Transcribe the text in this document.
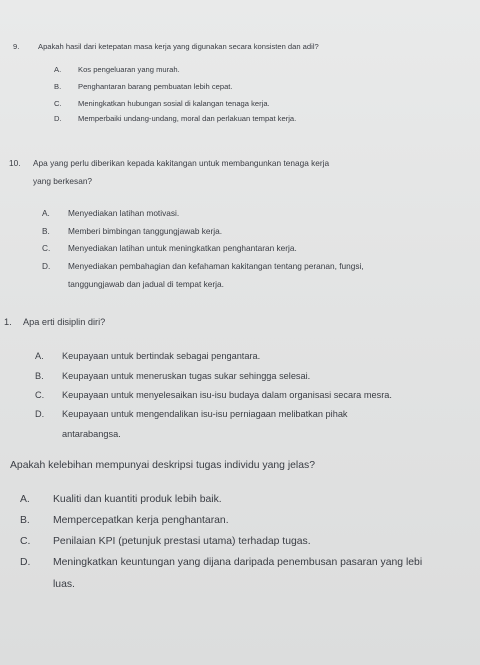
9. Apakah hasil dari ketepatan masa kerja yang digunakan secara konsisten dan adil?
A. Kos pengeluaran yang murah.
B. Penghantaran barang pembuatan lebih cepat.
C. Meningkatkan hubungan sosial di kalangan tenaga kerja.
D. Memperbaiki undang-undang, moral dan perlakuan tempat kerja.
10. Apa yang perlu diberikan kepada kakitangan untuk membangunkan tenaga kerja
yang berkesan?
A. Menyediakan latihan motivasi.
B. Memberi bimbingan tanggungjawab kerja.
C. Menyediakan latihan untuk meningkatkan penghantaran kerja.
D. Menyediakan pembahagian dan kefahaman kakitangan tentang peranan, fungsi,
tanggungjawab dan jadual di tempat kerja.
1. Apa erti disiplin diri?
A. Keupayaan untuk bertindak sebagai pengantara.
B. Keupayaan untuk meneruskan tugas sukar sehingga selesai.
C. Keupayaan untuk menyelesaikan isu-isu budaya dalam organisasi secara mesra.
D. Keupayaan untuk mengendalikan isu-isu perniagaan melibatkan pihak
antarabangsa.
Apakah kelebihan mempunyai deskripsi tugas individu yang jelas?
A. Kualiti dan kuantiti produk lebih baik.
B. Mempercepatkan kerja penghantaran.
C. Penilaian KPI (petunjuk prestasi utama) terhadap tugas.
D. Meningkatkan keuntungan yang dijana daripada penembusan pasaran yang lebi
luas.
